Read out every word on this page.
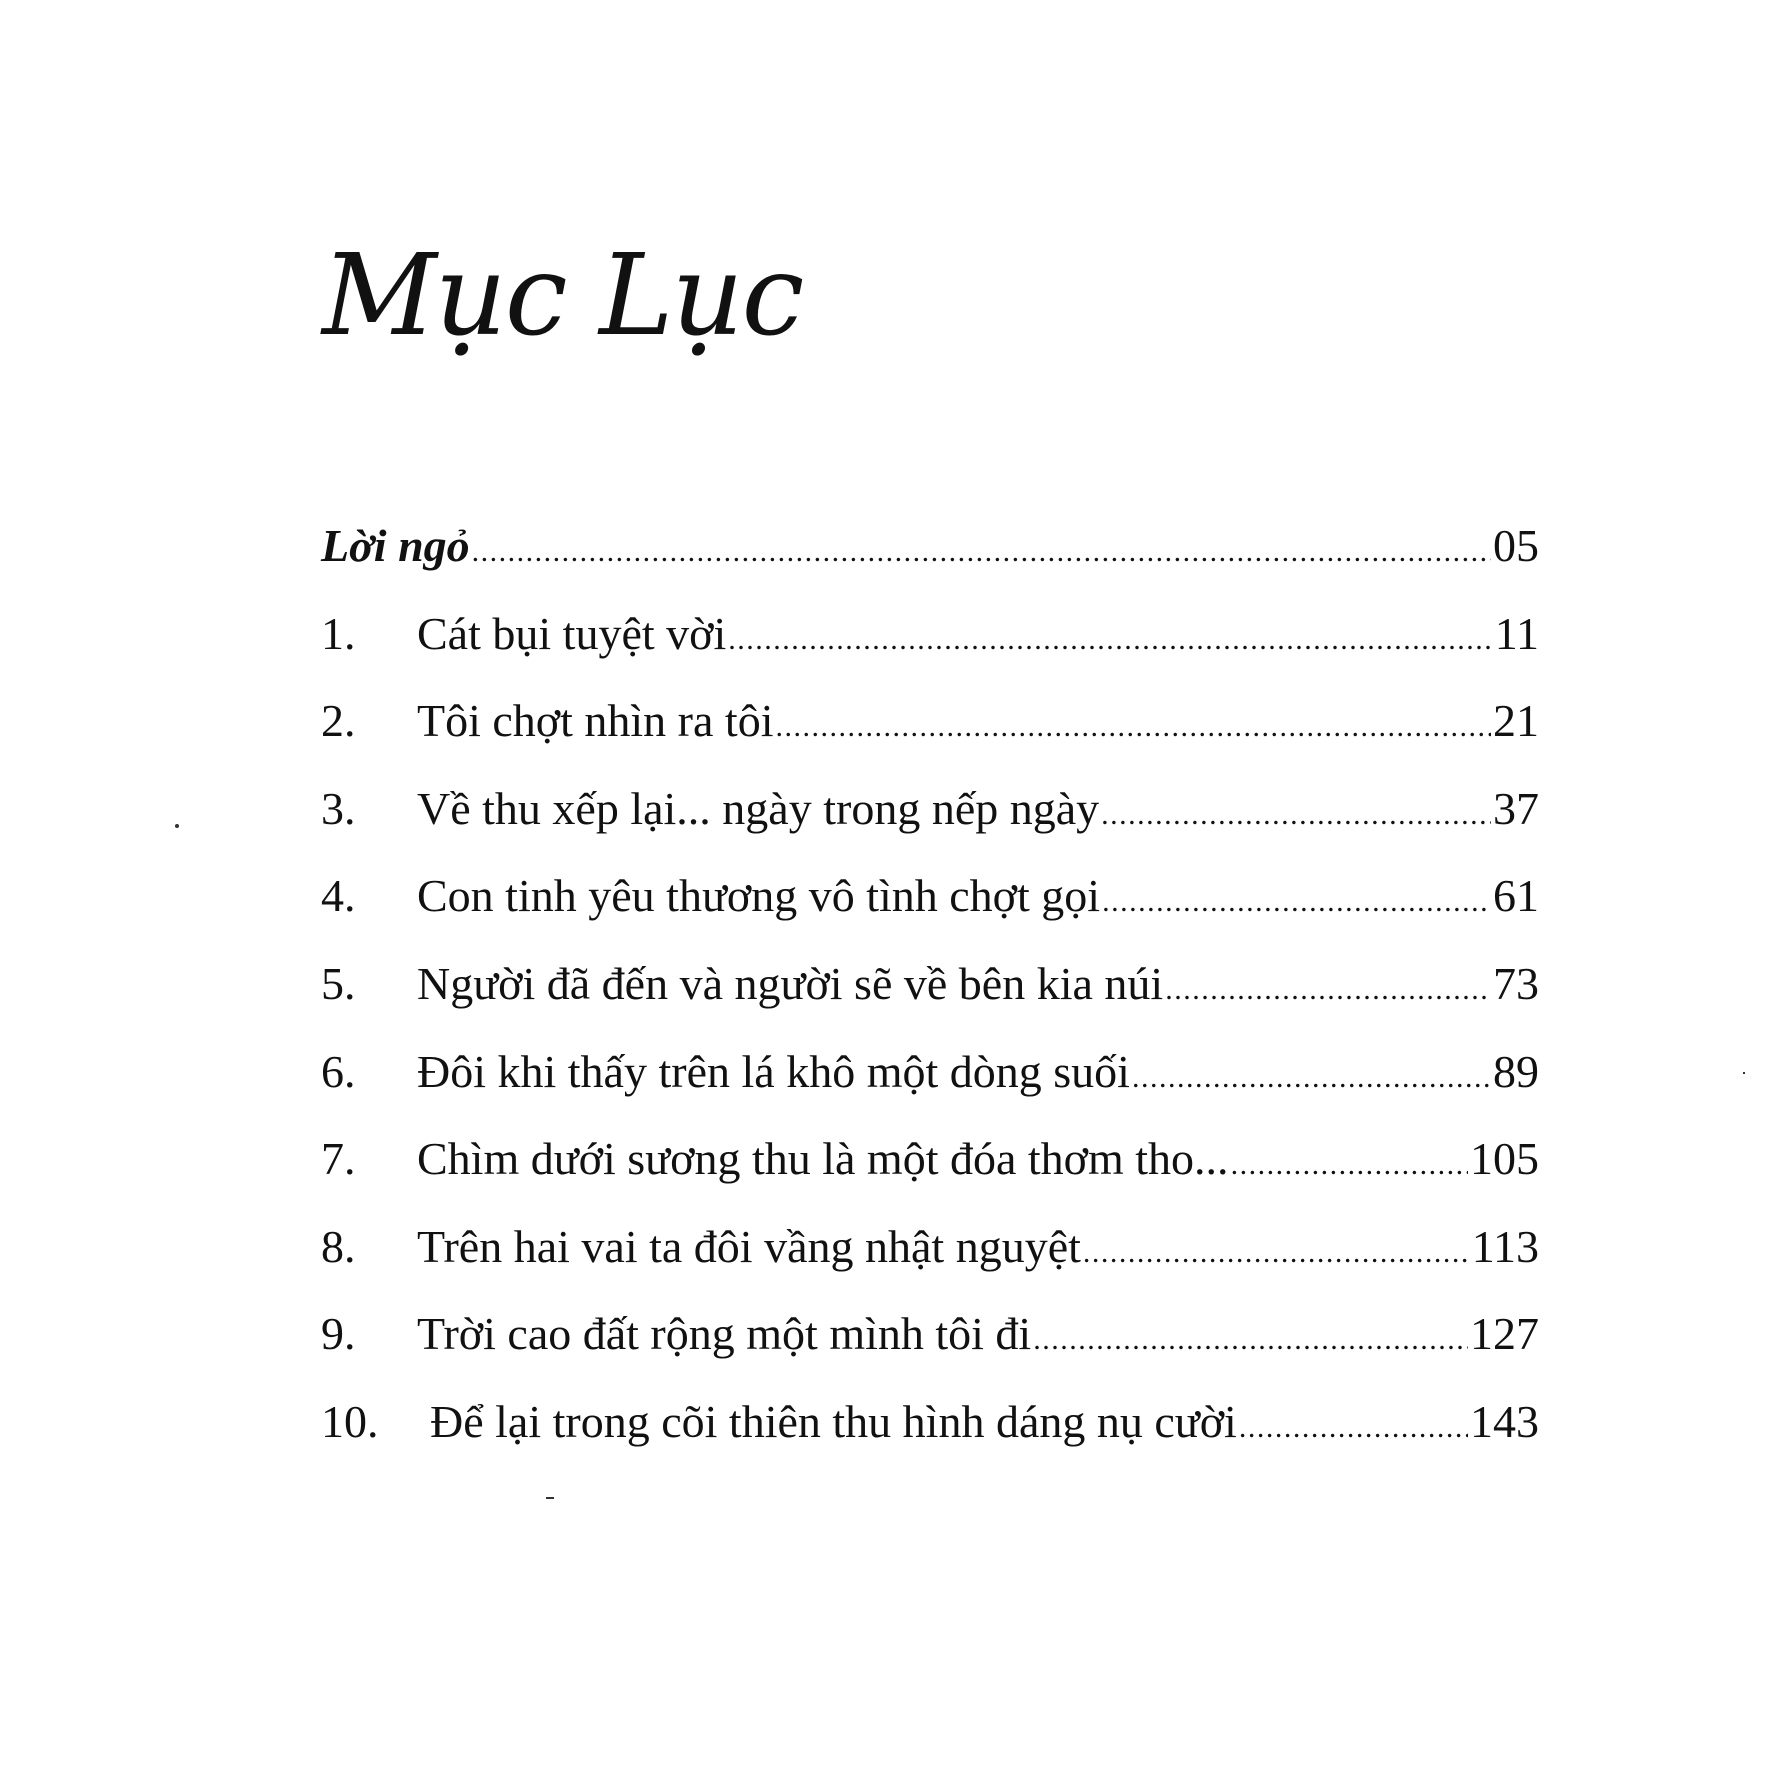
Mục Lục
Lời ngỏ .....	05
1.	Cát bụi tuyệt vời .....	11
2.	Tôi chợt nhìn ra tôi .....	21
3.	Về thu xếp lại... ngày trong nếp ngày .....	37
4.	Con tinh yêu thương vô tình chợt gọi .....	61
5.	Người đã đến và người sẽ về bên kia núi .....	73
6.	Đôi khi thấy trên lá khô một dòng suối .....	89
7.	Chìm dưới sương thu là một đóa thơm tho... .....	105
8.	Trên hai vai ta đôi vầng nhật nguyệt .....	113
9.	Trời cao đất rộng một mình tôi đi .....	127
10.	Để lại trong cõi thiên thu hình dáng nụ cười .....	143
